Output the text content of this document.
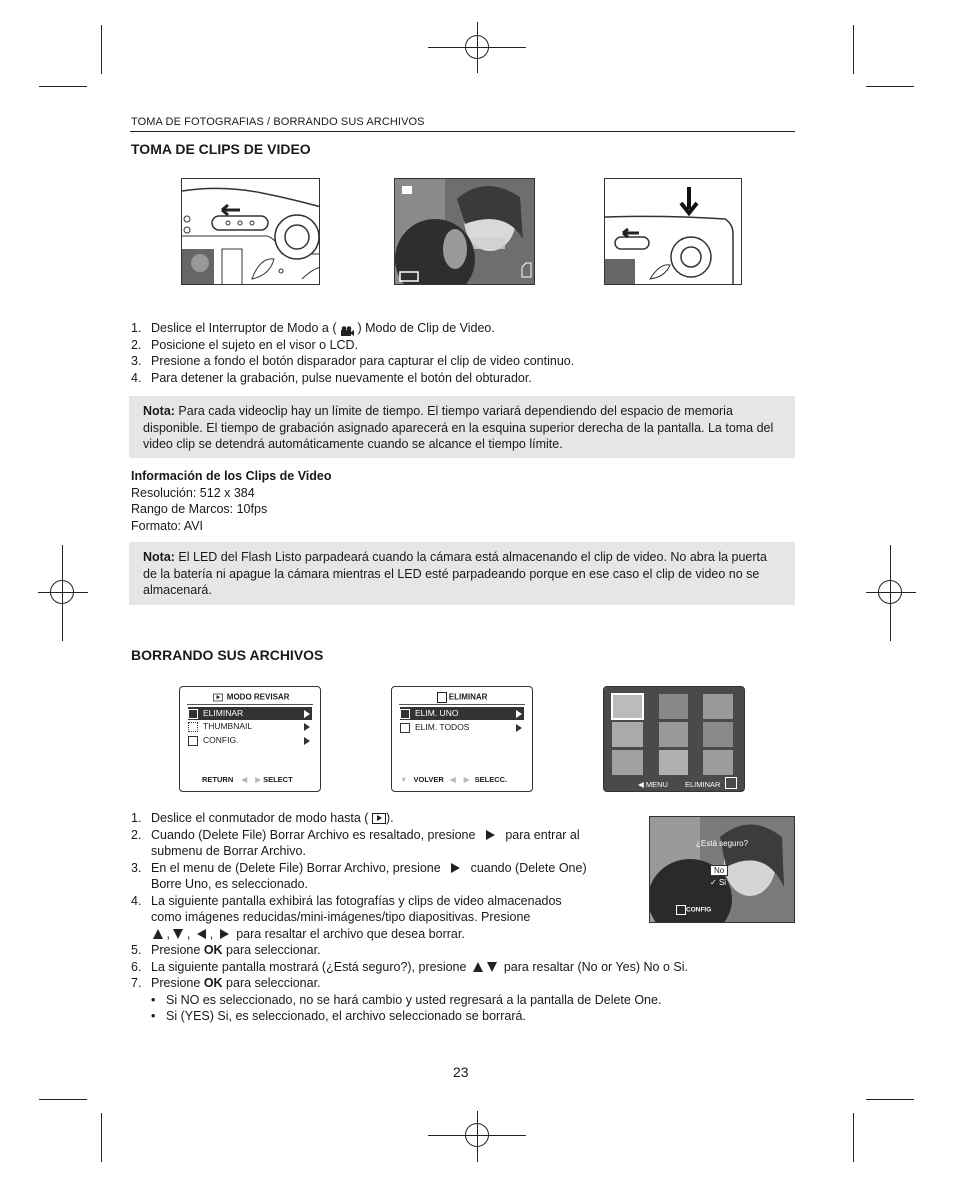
TOMA DE FOTOGRAFIAS / BORRANDO SUS ARCHIVOS
TOMA DE CLIPS DE VIDEO
1. Deslice el Interruptor de Modo a ( ) Modo de Clip de Video.
2. Posicione el sujeto en el visor o LCD.
3. Presione a fondo el botón disparador para capturar el clip de video continuo.
4. Para detener la grabación, pulse nuevamente el botón del obturador.
Nota: Para cada videoclip hay un límite de tiempo. El tiempo variará dependiendo del espacio de memoria disponible. El tiempo de grabación asignado aparecerá en la esquina superior derecha de la pantalla. La toma del video clip se detendrá automáticamente cuando se alcance el tiempo límite.
Información de los Clips de Video
Resolución: 512 x 384
Rango de Marcos: 10fps
Formato: AVI
Nota: El LED del Flash Listo parpadeará cuando la cámara está almacenando el clip de video. No abra la puerta de la batería ni apague la cámara mientras el LED esté parpadeando porque en ese caso el clip de video no se almacenará.
BORRANDO SUS ARCHIVOS
MODO REVISAR
ELIMINAR
THUMBNAIL
CONFIG.
RETURN ◀ ▶ SELECT
ELIMINAR
ELIM. UNO
ELIM. TODOS
▼ VOLVER ◀ ▶ SELECC.
◀ MENU ELIMINAR
¿Está seguro?
No
✓ Si
CONFIG
1. Deslice el conmutador de modo hasta ( ).
2. Cuando (Delete File) Borrar Archivo es resaltado, presione para entrar al
submenu de Borrar Archivo.
3. En el menu de (Delete File) Borrar Archivo, presione cuando (Delete One)
Borre Uno, es seleccionado.
4. La siguiente pantalla exhibirá las fotografías y clips de video almacenados
como imágenes reducidas/mini-imágenes/tipo diapositivas. Presione
,  ,   ,    para resaltar el archivo que desea borrar.
5. Presione OK para seleccionar.
6. La siguiente pantalla mostrará (¿Está seguro?), presione	para resaltar (No or Yes) No o Si.
7. Presione OK para seleccionar.
• Si NO es seleccionado, no se hará cambio y usted regresará a la pantalla de Delete One.
• Si (YES) Si, es seleccionado, el archivo seleccionado se borrará.
23
